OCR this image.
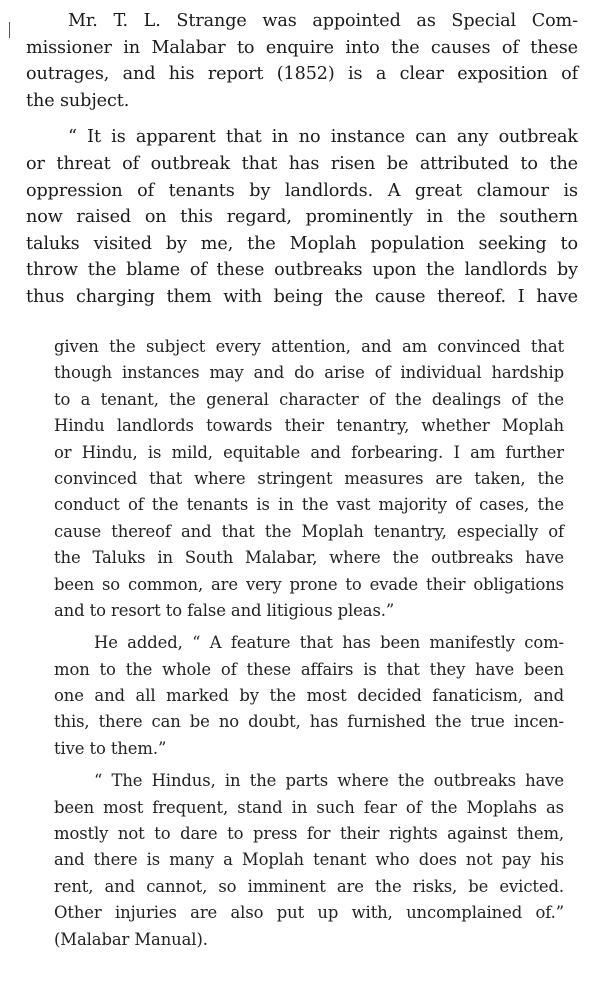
Mr. T. L. Strange was appointed as Special Com-
missioner in Malabar to enquire into the causes of these
outrages, and his report (1852) is a clear exposition of
the subject.
“ It is apparent that in no instance can any outbreak
or threat of outbreak that has risen be attributed to the
oppression of tenants by landlords. A great clamour is
now raised on this regard, prominently in the southern
taluks visited by me, the Moplah population seeking to
throw the blame of these outbreaks upon the landlords by
thus charging them with being the cause thereof. I have
given the subject every attention, and am convinced that
though instances may and do arise of individual hardship
to a tenant, the general character of the dealings of the
Hindu landlords towards their tenantry, whether Moplah
or Hindu, is mild, equitable and forbearing. I am further
convinced that where stringent measures are taken, the
conduct of the tenants is in the vast majority of cases, the
cause thereof and that the Moplah tenantry, especially of
the Taluks in South Malabar, where the outbreaks have
been so common, are very prone to evade their obligations
and to resort to false and litigious pleas.”
He added, “ A feature that has been manifestly com-
mon to the whole of these affairs is that they have been
one and all marked by the most decided fanaticism, and
this, there can be no doubt, has furnished the true incen-
tive to them.”
“ The Hindus, in the parts where the outbreaks have
been most frequent, stand in such fear of the Moplahs as
mostly not to dare to press for their rights against them,
and there is many a Moplah tenant who does not pay his
rent, and cannot, so imminent are the risks, be evicted.
Other injuries are also put up with, uncomplained of.”
(Malabar Manual).
